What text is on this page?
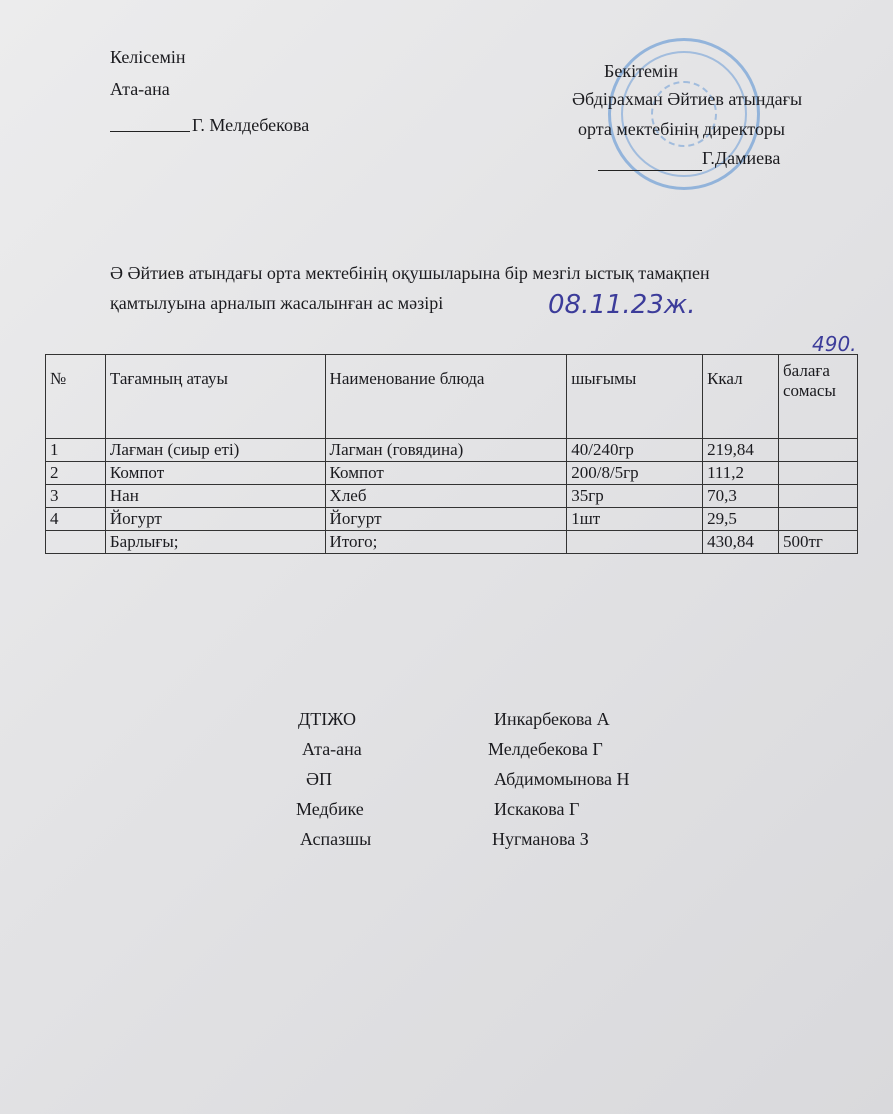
Келісемін
Ата-ана
Г. Мелдебекова
Бекітемін
Әбдірахман Әйтиев атындағы
орта мектебінің директоры
Г.Дамиева
Ә Әйтиев атындағы орта мектебінің оқушыларына бір мезгіл ыстық тамақпен
қамтылуына арналып жасалынған ас мәзірі	08.11.23ж.
490.
№	Тағамның атауы	Наименование блюда	шығымы	Ккал	балаға сомасы
1	Лағман (сиыр еті)	Лагман (говядина)	40/240гр	219,84	
2	Компот	Компот	200/8/5гр	111,2	
3	Нан	Хлеб	35гр	70,3	
4	Йогурт	Йогурт	1шт	29,5	
	Барлығы;	Итого;		430,84	500тг
ДТІЖО	Инкарбекова А
Ата-ана	Мелдебекова Г
ӘП	Абдимомынова Н
Медбике	Искакова Г
Аспазшы	Нугманова З
